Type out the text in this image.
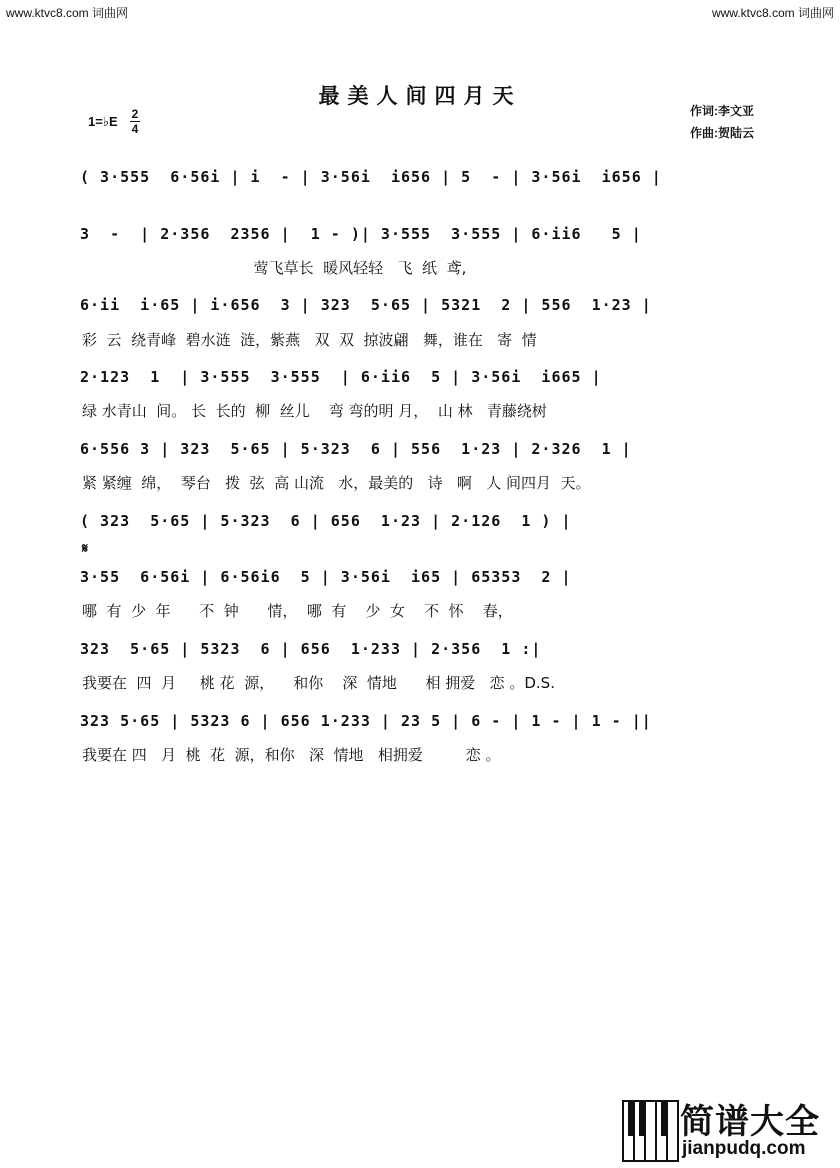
www.ktvc8.com 词曲网	www.ktvc8.com 词曲网
最美人间四月天
1=♭E 2
4
作词:李文亚
作曲:贺陆云
( 3·555  6·56i | i  - | 3·56i  i656 | 5  - | 3·56i  i656 |
3  -  | 2·356  2356 |  1 - )| 3·555  3·555 | 6·ii6   5 |
莺飞草长  暖风轻轻   飞  纸  鸢,
6·ii  i·65 | i·656  3 | 323  5·65 | 5321  2 | 556  1·23 |
彩  云  绕青峰  碧水涟  涟，紫燕   双  双  掠波翩   舞，谁在   寄  情
2·123  1  | 3·555  3·555  | 6·ii6  5 | 3·56i  i665 |
绿 水青山  间。 长  长的  柳  丝儿    弯 弯的明 月，  山 林   青藤绕树
6·556 3 | 323  5·65 | 5·323  6 | 556  1·23 | 2·326  1 |
紧 紧缠  绵，  琴台   拨  弦  高 山流   水，最美的   诗   啊   人 间四月  天。
( 323  5·65 | 5·323  6 | 656  1·23 | 2·126  1 ) |
𝄋
3·55  6·56i | 6·56i6  5 | 3·56i  i65 | 65353  2 |
哪  有  少  年      不  钟      情，  哪  有    少  女    不  怀    春，
323  5·65 | 5323  6 | 656  1·233 | 2·356  1 :|
我要在  四  月     桃 花  源，    和你    深  情地      相 拥爱   恋 。D.S.
323 5·65 | 5323 6 | 656 1·233 | 23 5 | 6 - | 1 - | 1 - ||
我要在 四   月  桃  花  源，和你   深  情地   相拥爱         恋 。
简谱大全
jianpudq.com
